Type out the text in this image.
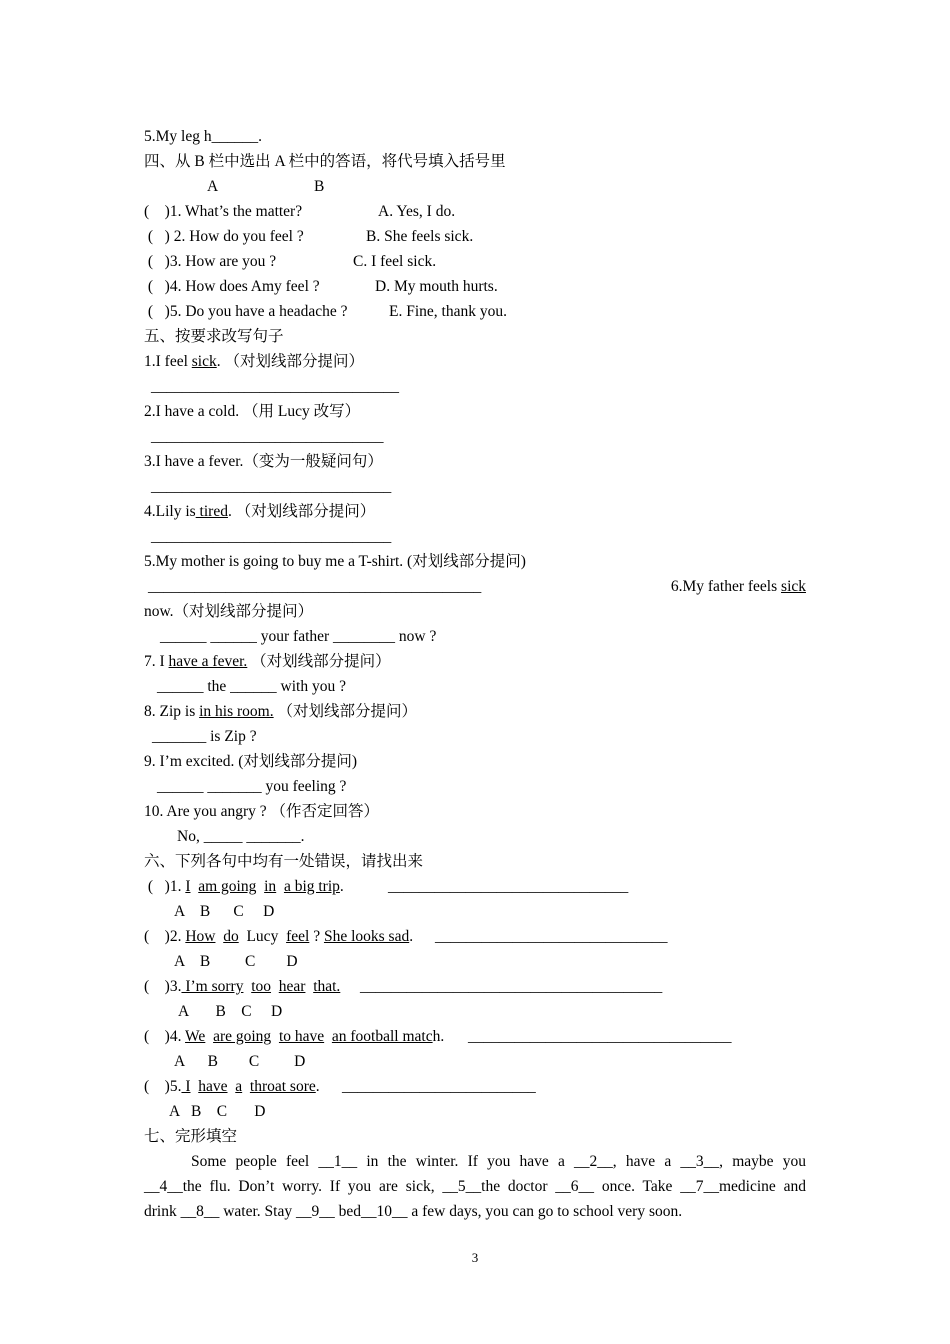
5.My leg h______.
四、从 B 栏中选出 A 栏中的答语，将代号填入括号里
A	B
(    )1. What’s the matter?	A. Yes, I do.
(   ) 2. How do you feel ?	B. She feels sick.
(   )3. How are you ?	C. I feel sick.
(   )4. How does Amy feel ?	D. My mouth hurts.
(   )5. Do you have a headache ?	E. Fine, thank you.
五、按要求改写句子
1.I feel sick. （对划线部分提问）
________________________________
2.I have a cold. （用 Lucy 改写）
______________________________
3.I have a fever.（变为一般疑问句）
_______________________________
4.Lily is tired. （对划线部分提问）
_______________________________
5.My mother is going to buy me a T-shirt. (对划线部分提问)
___________________________________________	6.My father feels sick
now.（对划线部分提问）
______ ______ your father ________ now ?
7. I have a fever. （对划线部分提问）
______ the ______ with you ?
8. Zip is in his room. （对划线部分提问）
_______ is Zip ?
9. I’m excited. (对划线部分提问)
______ _______ you feeling ?
10. Are you angry ? （作否定回答）
No, _____ _______.
六、下列各句中均有一处错误，请找出来
(   )1. I am going in a big trip.	_______________________________
A    B      C     D
(    )2. How do Lucy feel ? She looks sad. ______________________________
A    B         C        D
(    )3. I’m sorry too hear that. _______________________________________
A       B    C     D
(    )4. We are going to have an football match. __________________________________
A      B        C         D
(    )5. I have a throat sore. _________________________
A   B    C       D
七、完形填空
Some people feel __1__ in the winter. If you have a __2__, have a __3__, maybe you
__4__the flu. Don’t worry. If you are sick, __5__the doctor __6__ once. Take __7__medicine and
drink __8__ water. Stay __9__ bed__10__ a few days, you can go to school very soon.
3
